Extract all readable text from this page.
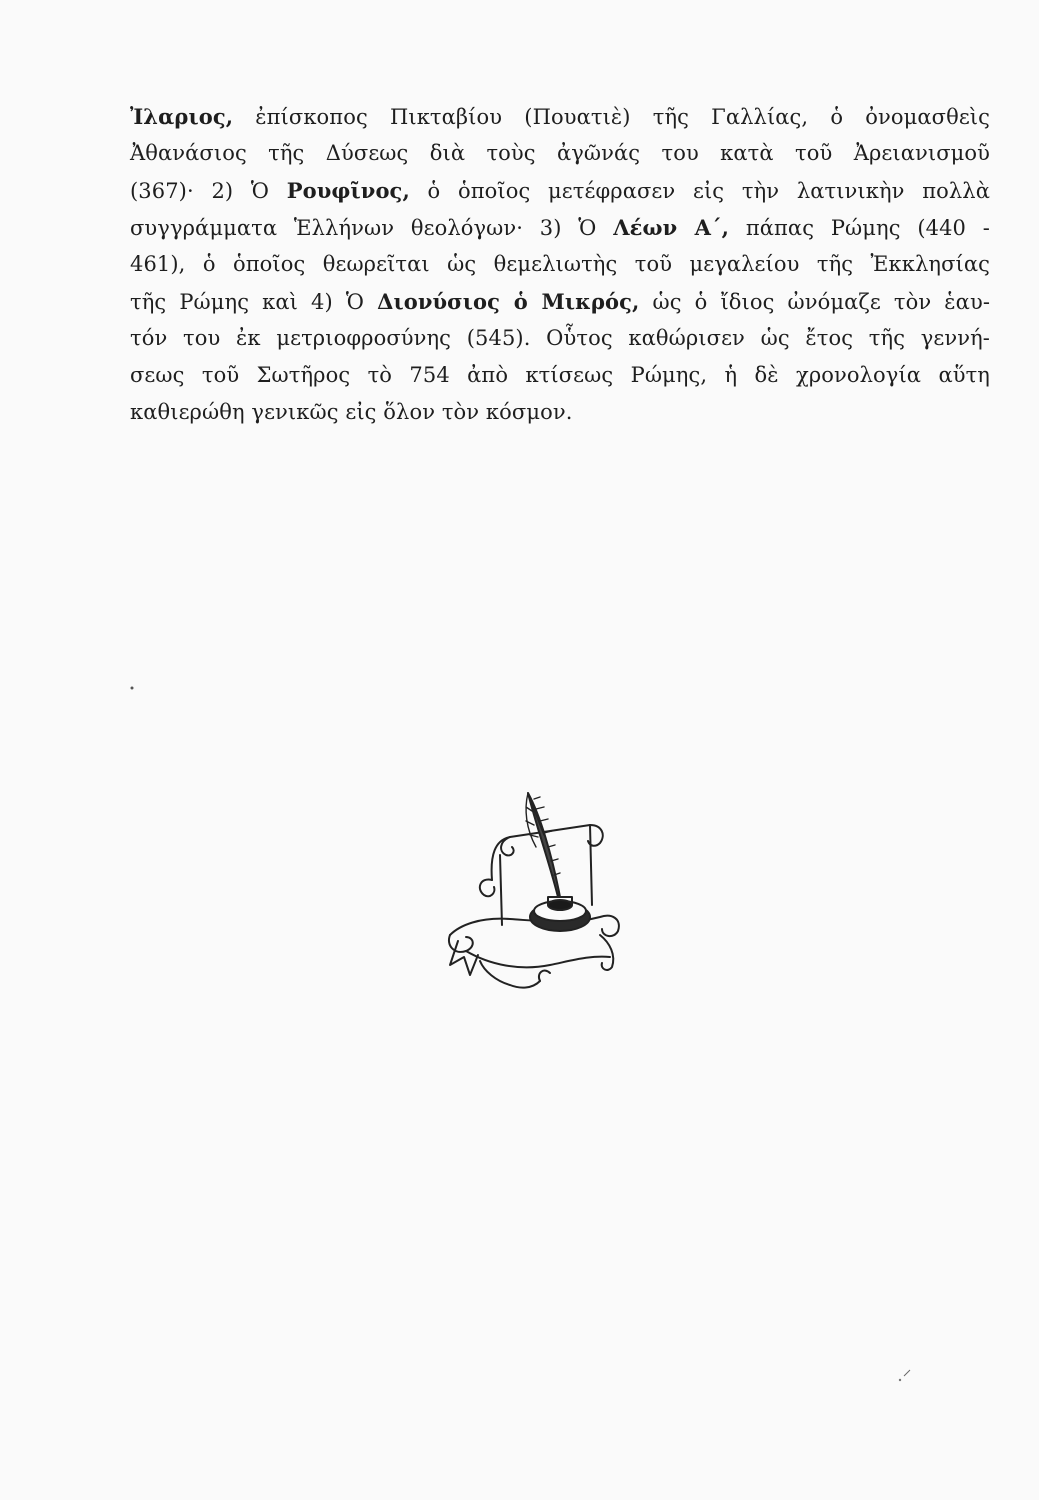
Ἰλαριος, ἐπίσκοπος Πικταβίου (Πουατιὲ) τῆς Γαλλίας, ὁ ὀνομασθεὶς
Ἀθανάσιος τῆς Δύσεως διὰ τοὺς ἀγῶνάς του κατὰ τοῦ Ἀρειανισμοῦ
(367)· 2) Ὁ Ρουφῖνος, ὁ ὁποῖος μετέφρασεν εἰς τὴν λατινικὴν πολλὰ
συγγράμματα Ἑλλήνων θεολόγων· 3) Ὁ Λέων Α΄, πάπας Ρώμης (440 -
461), ὁ ὁποῖος θεωρεῖται ὡς θεμελιωτὴς τοῦ μεγαλείου τῆς Ἐκκλησίας
τῆς Ρώμης καὶ 4) Ὁ Διονύσιος ὁ Μικρός, ὡς ὁ ἴδιος ὠνόμαζε τὸν ἑαυ-
τόν του ἐκ μετριοφροσύνης (545). Οὗτος καθώρισεν ὡς ἔτος τῆς γεννή-
σεως τοῦ Σωτῆρος τὸ 754 ἀπὸ κτίσεως Ρώμης, ἡ δὲ χρονολογία αὕτη
καθιερώθη γενικῶς εἰς ὅλον τὸν κόσμον.
